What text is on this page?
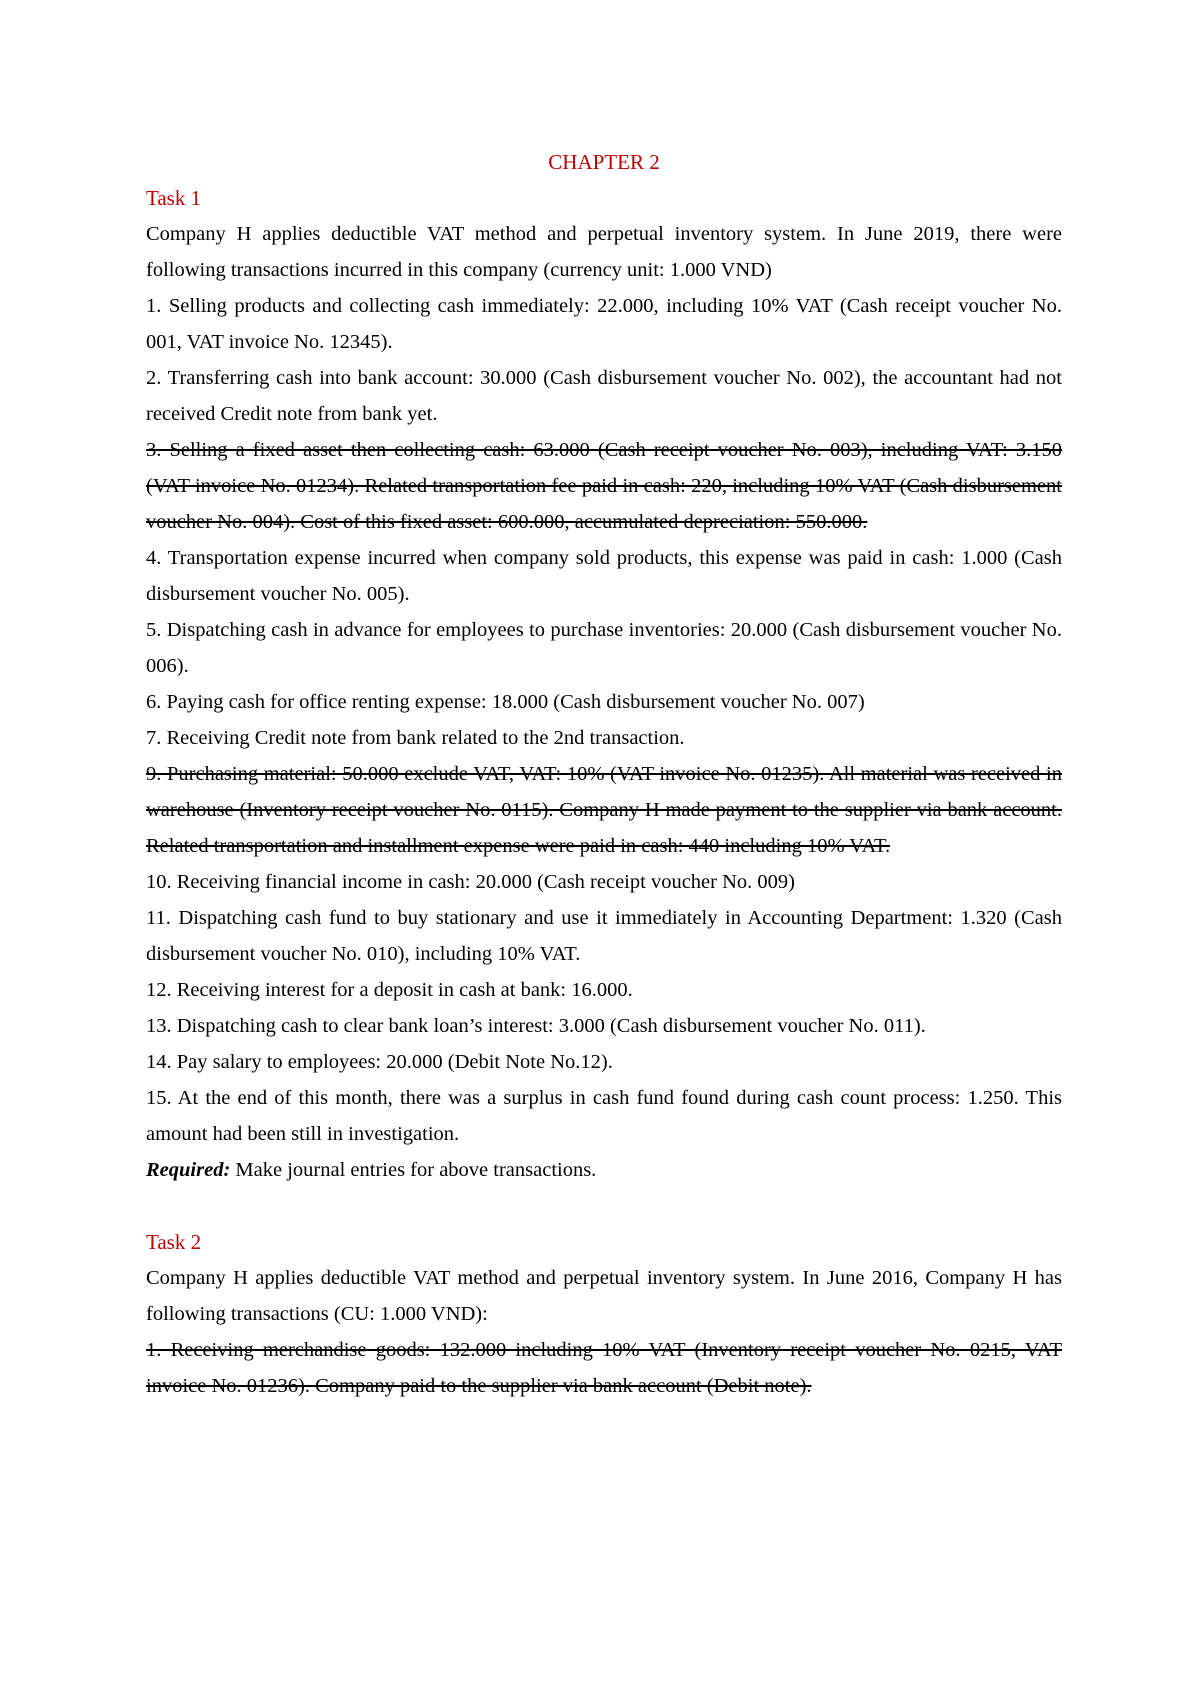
CHAPTER 2
Task 1

Company H applies deductible VAT method and perpetual inventory system. In June 2019, there were following transactions incurred in this company (currency unit: 1.000 VND)

1. Selling products and collecting cash immediately: 22.000, including 10% VAT (Cash receipt voucher No. 001, VAT invoice No. 12345).

2. Transferring cash into bank account: 30.000 (Cash disbursement voucher No. 002), the accountant had not received Credit note from bank yet.

3. Selling a fixed asset then collecting cash: 63.000 (Cash receipt voucher No. 003), including VAT: 3.150 (VAT invoice No. 01234). Related transportation fee paid in cash: 220, including 10% VAT (Cash disbursement voucher No. 004). Cost of this fixed asset: 600.000, accumulated depreciation: 550.000.

4. Transportation expense incurred when company sold products, this expense was paid in cash: 1.000 (Cash disbursement voucher No. 005).

5. Dispatching cash in advance for employees to purchase inventories: 20.000 (Cash disbursement voucher No. 006).

6. Paying cash for office renting expense: 18.000 (Cash disbursement voucher No. 007)

7. Receiving Credit note from bank related to the 2nd transaction.

9. Purchasing material: 50.000 exclude VAT, VAT: 10% (VAT invoice No. 01235). All material was received in warehouse (Inventory receipt voucher No. 0115). Company H made payment to the supplier via bank account. Related transportation and installment expense were paid in cash: 440 including 10% VAT.

10. Receiving financial income in cash: 20.000 (Cash receipt voucher No. 009)

11. Dispatching cash fund to buy stationary and use it immediately in Accounting Department: 1.320 (Cash disbursement voucher No. 010), including 10% VAT.

12. Receiving interest for a deposit in cash at bank: 16.000.

13. Dispatching cash to clear bank loan’s interest: 3.000 (Cash disbursement voucher No. 011).

14. Pay salary to employees: 20.000 (Debit Note No.12).

15. At the end of this month, there was a surplus in cash fund found during cash count process: 1.250. This amount had been still in investigation.

Required: Make journal entries for above transactions.

Task 2

Company H applies deductible VAT method and perpetual inventory system. In June 2016, Company H has following transactions (CU: 1.000 VND):

1. Receiving merchandise goods: 132.000 including 10% VAT (Inventory receipt voucher No. 0215, VAT invoice No. 01236). Company paid to the supplier via bank account (Debit note).
